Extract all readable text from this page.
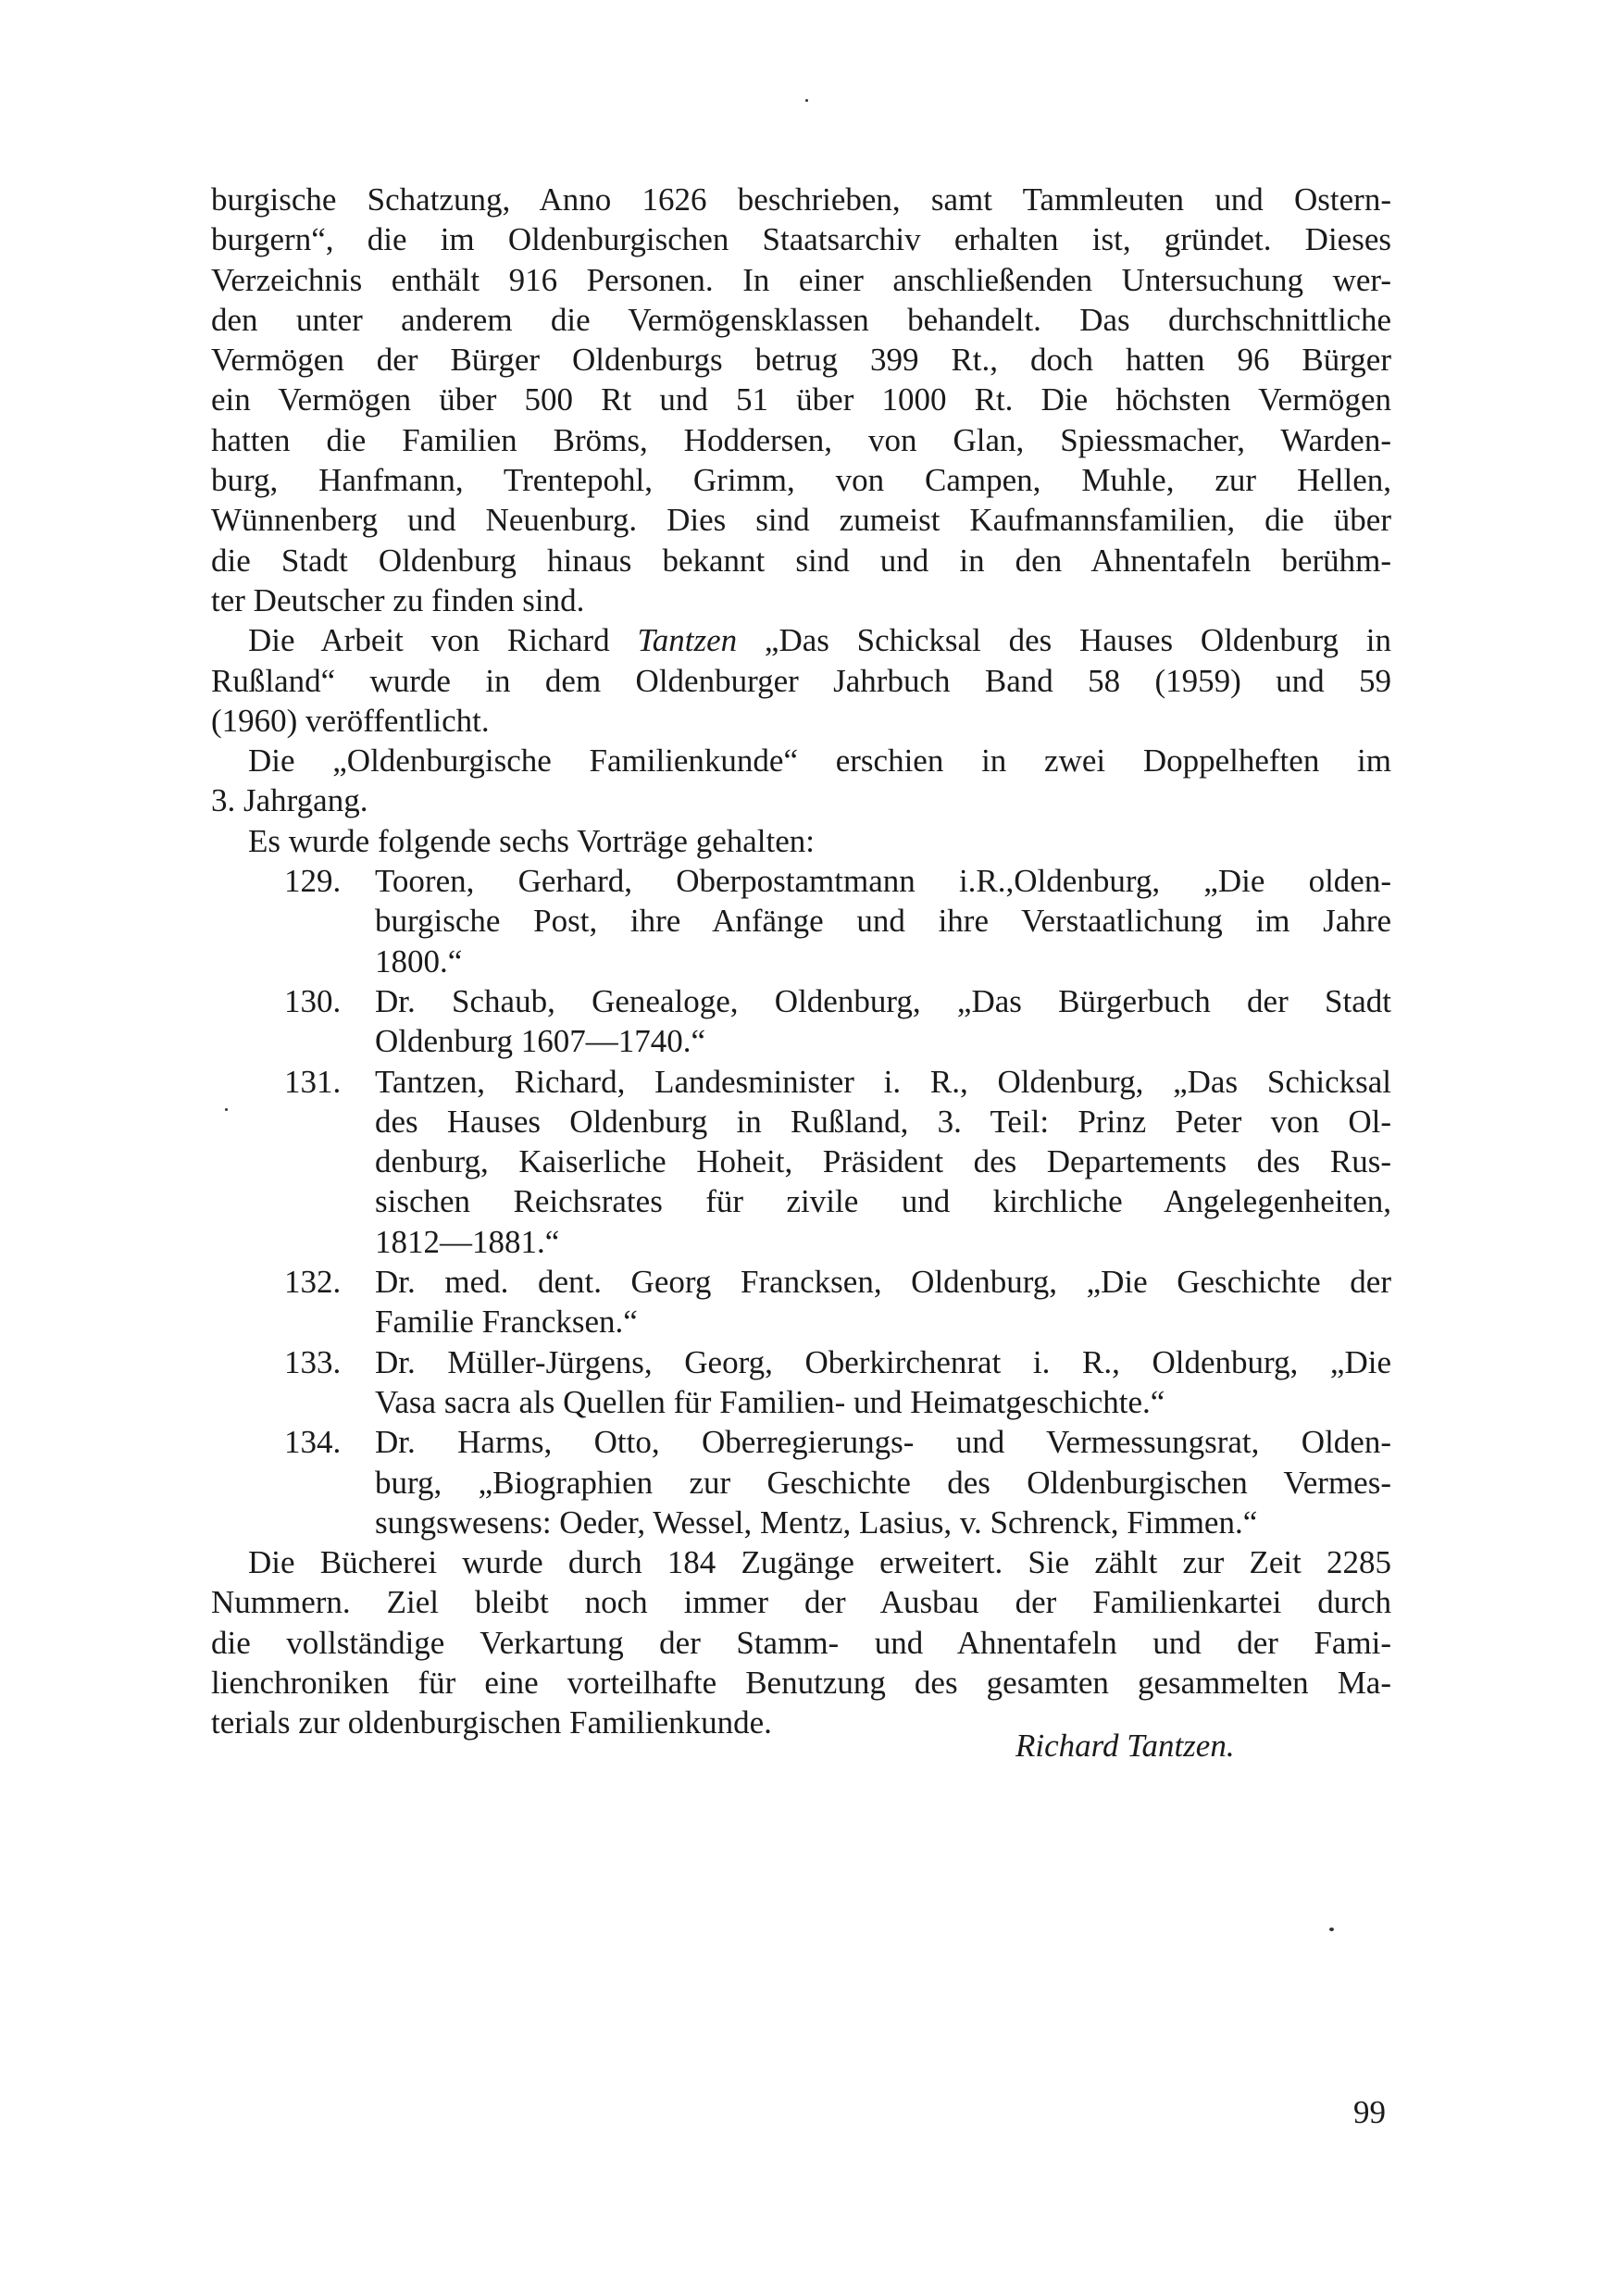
burgische Schatzung, Anno 1626 beschrieben, samt Tammleuten und Ostern-
burgern“, die im Oldenburgischen Staatsarchiv erhalten ist, gründet. Dieses
Verzeichnis enthält 916 Personen. In einer anschließenden Untersuchung wer-
den unter anderem die Vermögensklassen behandelt. Das durchschnittliche
Vermögen der Bürger Oldenburgs betrug 399 Rt., doch hatten 96 Bürger
ein Vermögen über 500 Rt und 51 über 1000 Rt. Die höchsten Vermögen
hatten die Familien Bröms, Hoddersen, von Glan, Spiessmacher, Warden-
burg, Hanfmann, Trentepohl, Grimm, von Campen, Muhle, zur Hellen,
Wünnenberg und Neuenburg. Dies sind zumeist Kaufmannsfamilien, die über
die Stadt Oldenburg hinaus bekannt sind und in den Ahnentafeln berühm-
ter Deutscher zu finden sind.
Die Arbeit von Richard Tantzen „Das Schicksal des Hauses Oldenburg in
Rußland“ wurde in dem Oldenburger Jahrbuch Band 58 (1959) und 59
(1960) veröffentlicht.
Die „Oldenburgische Familienkunde“ erschien in zwei Doppelheften im
3. Jahrgang.
Es wurde folgende sechs Vorträge gehalten:
129.	Tooren, Gerhard, Oberpostamtmann i.R.,Oldenburg, „Die olden-
burgische Post, ihre Anfänge und ihre Verstaatlichung im Jahre
1800.“
130.	Dr. Schaub, Genealoge, Oldenburg, „Das Bürgerbuch der Stadt
Oldenburg 1607—1740.“
131.	Tantzen, Richard, Landesminister i. R., Oldenburg, „Das Schicksal
des Hauses Oldenburg in Rußland, 3. Teil: Prinz Peter von Ol-
denburg, Kaiserliche Hoheit, Präsident des Departements des Rus-
sischen Reichsrates für zivile und kirchliche Angelegenheiten,
1812—1881.“
132.	Dr. med. dent. Georg Francksen, Oldenburg, „Die Geschichte der
Familie Francksen.“
133.	Dr. Müller-Jürgens, Georg, Oberkirchenrat i. R., Oldenburg, „Die
Vasa sacra als Quellen für Familien- und Heimatgeschichte.“
134.	Dr. Harms, Otto, Oberregierungs- und Vermessungsrat, Olden-
burg, „Biographien zur Geschichte des Oldenburgischen Vermes-
sungswesens: Oeder, Wessel, Mentz, Lasius, v. Schrenck, Fimmen.“
Die Bücherei wurde durch 184 Zugänge erweitert. Sie zählt zur Zeit 2285
Nummern. Ziel bleibt noch immer der Ausbau der Familienkartei durch
die vollständige Verkartung der Stamm- und Ahnentafeln und der Fami-
lienchroniken für eine vorteilhafte Benutzung des gesamten gesammelten Ma-
terials zur oldenburgischen Familienkunde.
Richard Tantzen.
99
